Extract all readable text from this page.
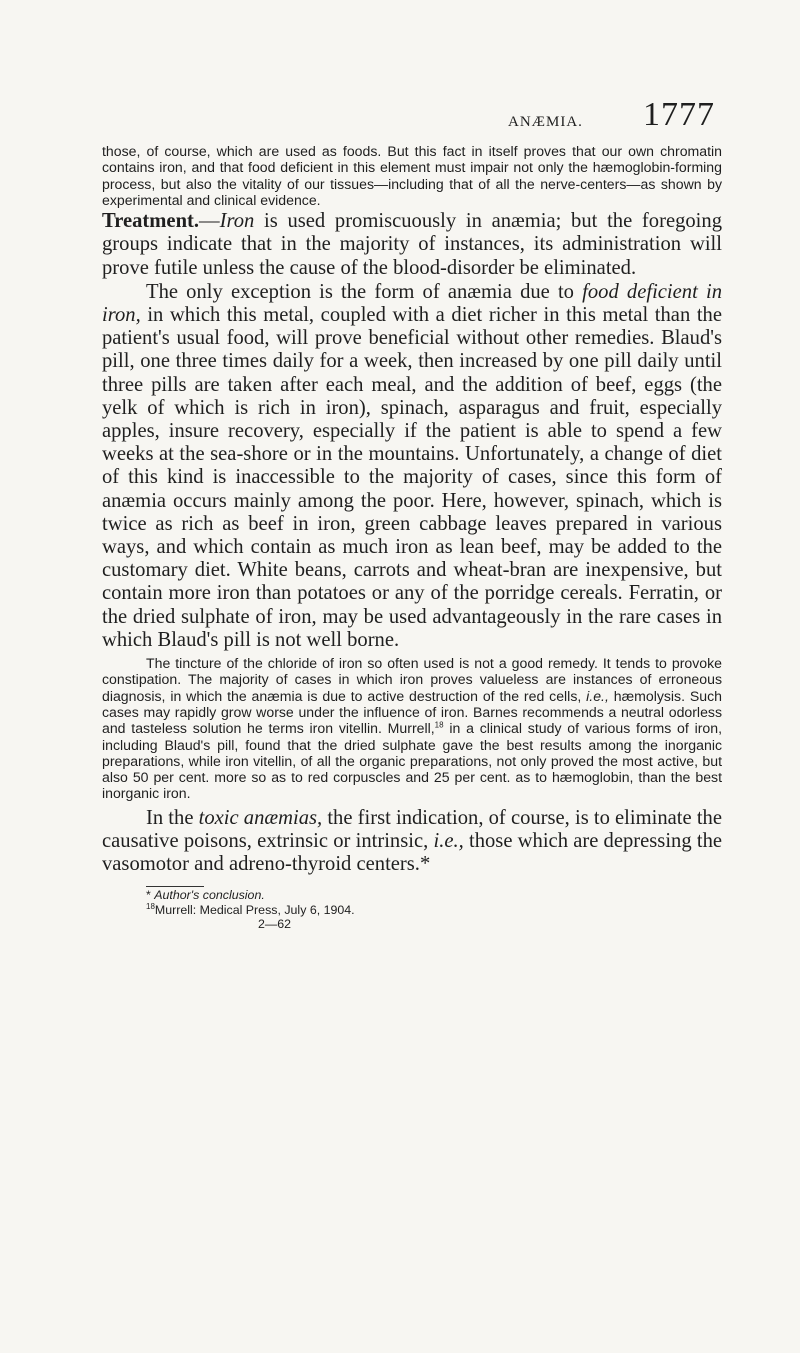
ANÆMIA. 1777

those, of course, which are used as foods. But this fact in itself proves that our own chromatin contains iron, and that food deficient in this element must impair not only the hæmoglobin-forming process, but also the vitality of our tissues—including that of all the nerve-centers—as shown by experimental and clinical evidence.

Treatment.—Iron is used promiscuously in anæmia; but the foregoing groups indicate that in the majority of instances, its administration will prove futile unless the cause of the blood-disorder be eliminated.

The only exception is the form of anæmia due to food deficient in iron, in which this metal, coupled with a diet richer in this metal than the patient's usual food, will prove beneficial without other remedies. Blaud's pill, one three times daily for a week, then increased by one pill daily until three pills are taken after each meal, and the addition of beef, eggs (the yelk of which is rich in iron), spinach, asparagus and fruit, especially apples, insure recovery, especially if the patient is able to spend a few weeks at the sea-shore or in the mountains. Unfortunately, a change of diet of this kind is inaccessible to the majority of cases, since this form of anæmia occurs mainly among the poor. Here, however, spinach, which is twice as rich as beef in iron, green cabbage leaves prepared in various ways, and which contain as much iron as lean beef, may be added to the customary diet. White beans, carrots and wheat-bran are inexpensive, but contain more iron than potatoes or any of the porridge cereals. Ferratin, or the dried sulphate of iron, may be used advantageously in the rare cases in which Blaud's pill is not well borne.

The tincture of the chloride of iron so often used is not a good remedy. It tends to provoke constipation. The majority of cases in which iron proves valueless are instances of erroneous diagnosis, in which the anæmia is due to active destruction of the red cells, i.e., hæmolysis. Such cases may rapidly grow worse under the influence of iron. Barnes recommends a neutral odorless and tasteless solution he terms iron vitellin. Murrell,$^{18}$ in a clinical study of various forms of iron, including Blaud's pill, found that the dried sulphate gave the best results among the inorganic preparations, while iron vitellin, of all the organic preparations, not only proved the most active, but also 50 per cent. more so as to red corpuscles and 25 per cent. as to hæmoglobin, than the best inorganic iron.

In the toxic anæmias, the first indication, of course, is to eliminate the causative poisons, extrinsic or intrinsic, i.e., those which are depressing the vasomotor and adreno-thyroid centers.*

* Author's conclusion.
$^{18}$Murrell: Medical Press, July 6, 1904.
2—62
